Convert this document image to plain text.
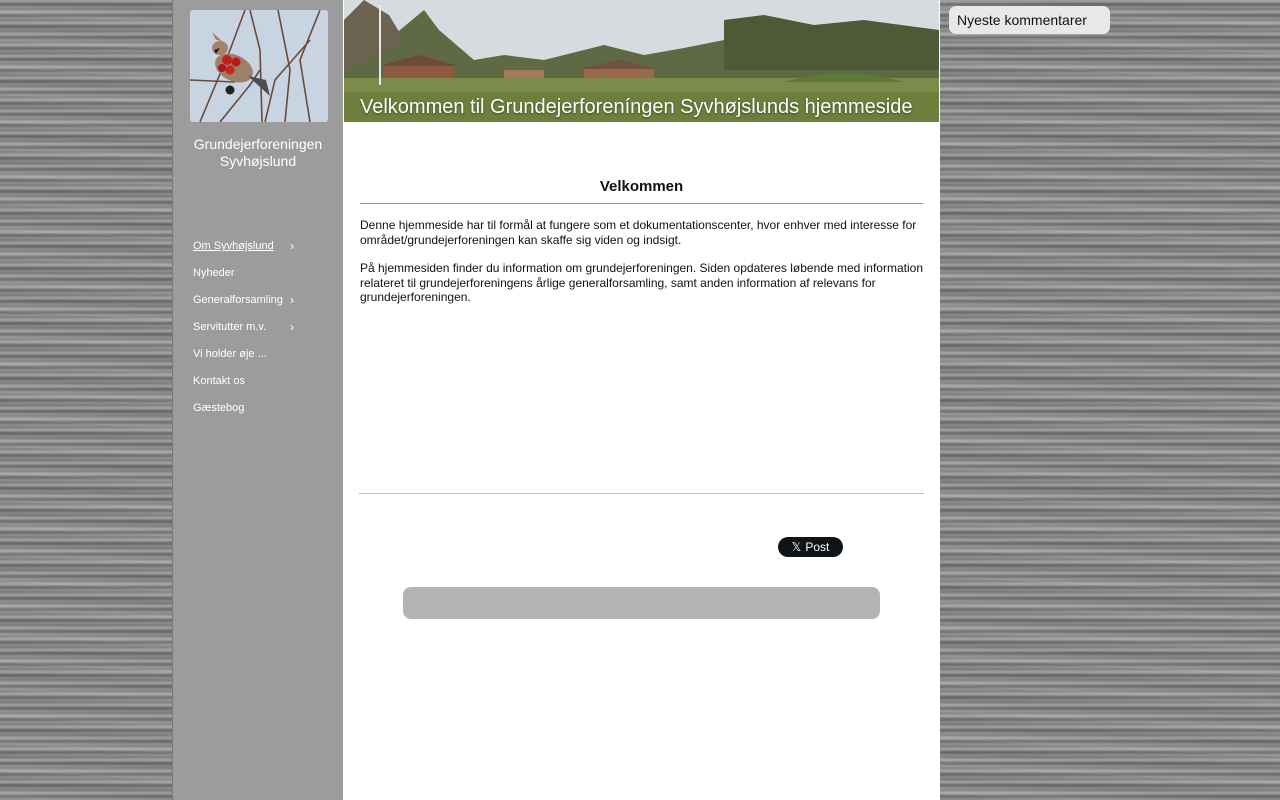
Grundejerforeningen
Syvhøjslund
Om Syvhøjslund ›
Nyheder
Generalforsamling ›
Servitutter m.v. ›
Vi holder øje ...
Kontakt os
Gæstebog
Velkommen til Grundejerforeníngen Syvhøjslunds hjemmeside
Velkommen

Denne hjemmeside har til formål at fungere som et dokumentationscenter, hvor enhver med interesse for området/grundejerforeningen kan skaffe sig viden og indsigt.

På hjemmesiden finder du information om grundejerforeningen. Siden opdateres løbende med information relateret til grundejerforeningens årlige generalforsamling, samt anden information af relevans for grundejerforeningen.

𝕏 Post
Nyeste kommentarer
